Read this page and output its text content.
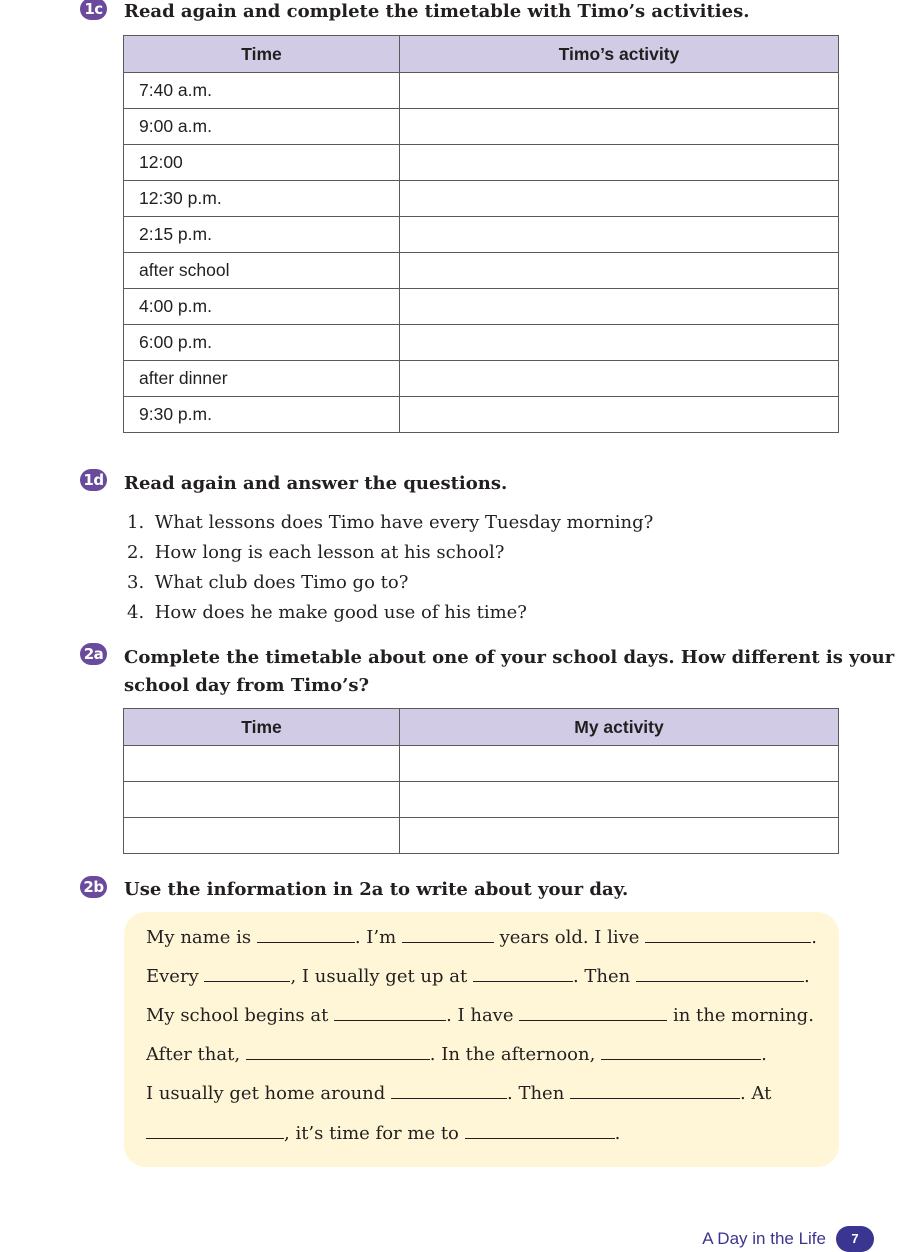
1c Read again and complete the timetable with Timo’s activities.

Time	Timo’s activity
7:40 a.m.	
9:00 a.m.	
12:00	
12:30 p.m.	
2:15 p.m.	
after school	
4:00 p.m.	
6:00 p.m.	
after dinner	
9:30 p.m.	
1d Read again and answer the questions.

1. What lessons does Timo have every Tuesday morning?
2. How long is each lesson at his school?
3. What club does Timo go to?
4. How does he make good use of his time?
2a Complete the timetable about one of your school days. How different is your

school day from Timo’s?

Time	My activity

2b Use the information in 2a to write about your day.

My name is	. I’m	years old. I live	.
Every	, I usually get up at	. Then	.
My school begins at	. I have	in the morning.
After that,	. In the afternoon,	.
I usually get home around	. Then	. At
, it’s time for me to	.
A Day in the Life	7
